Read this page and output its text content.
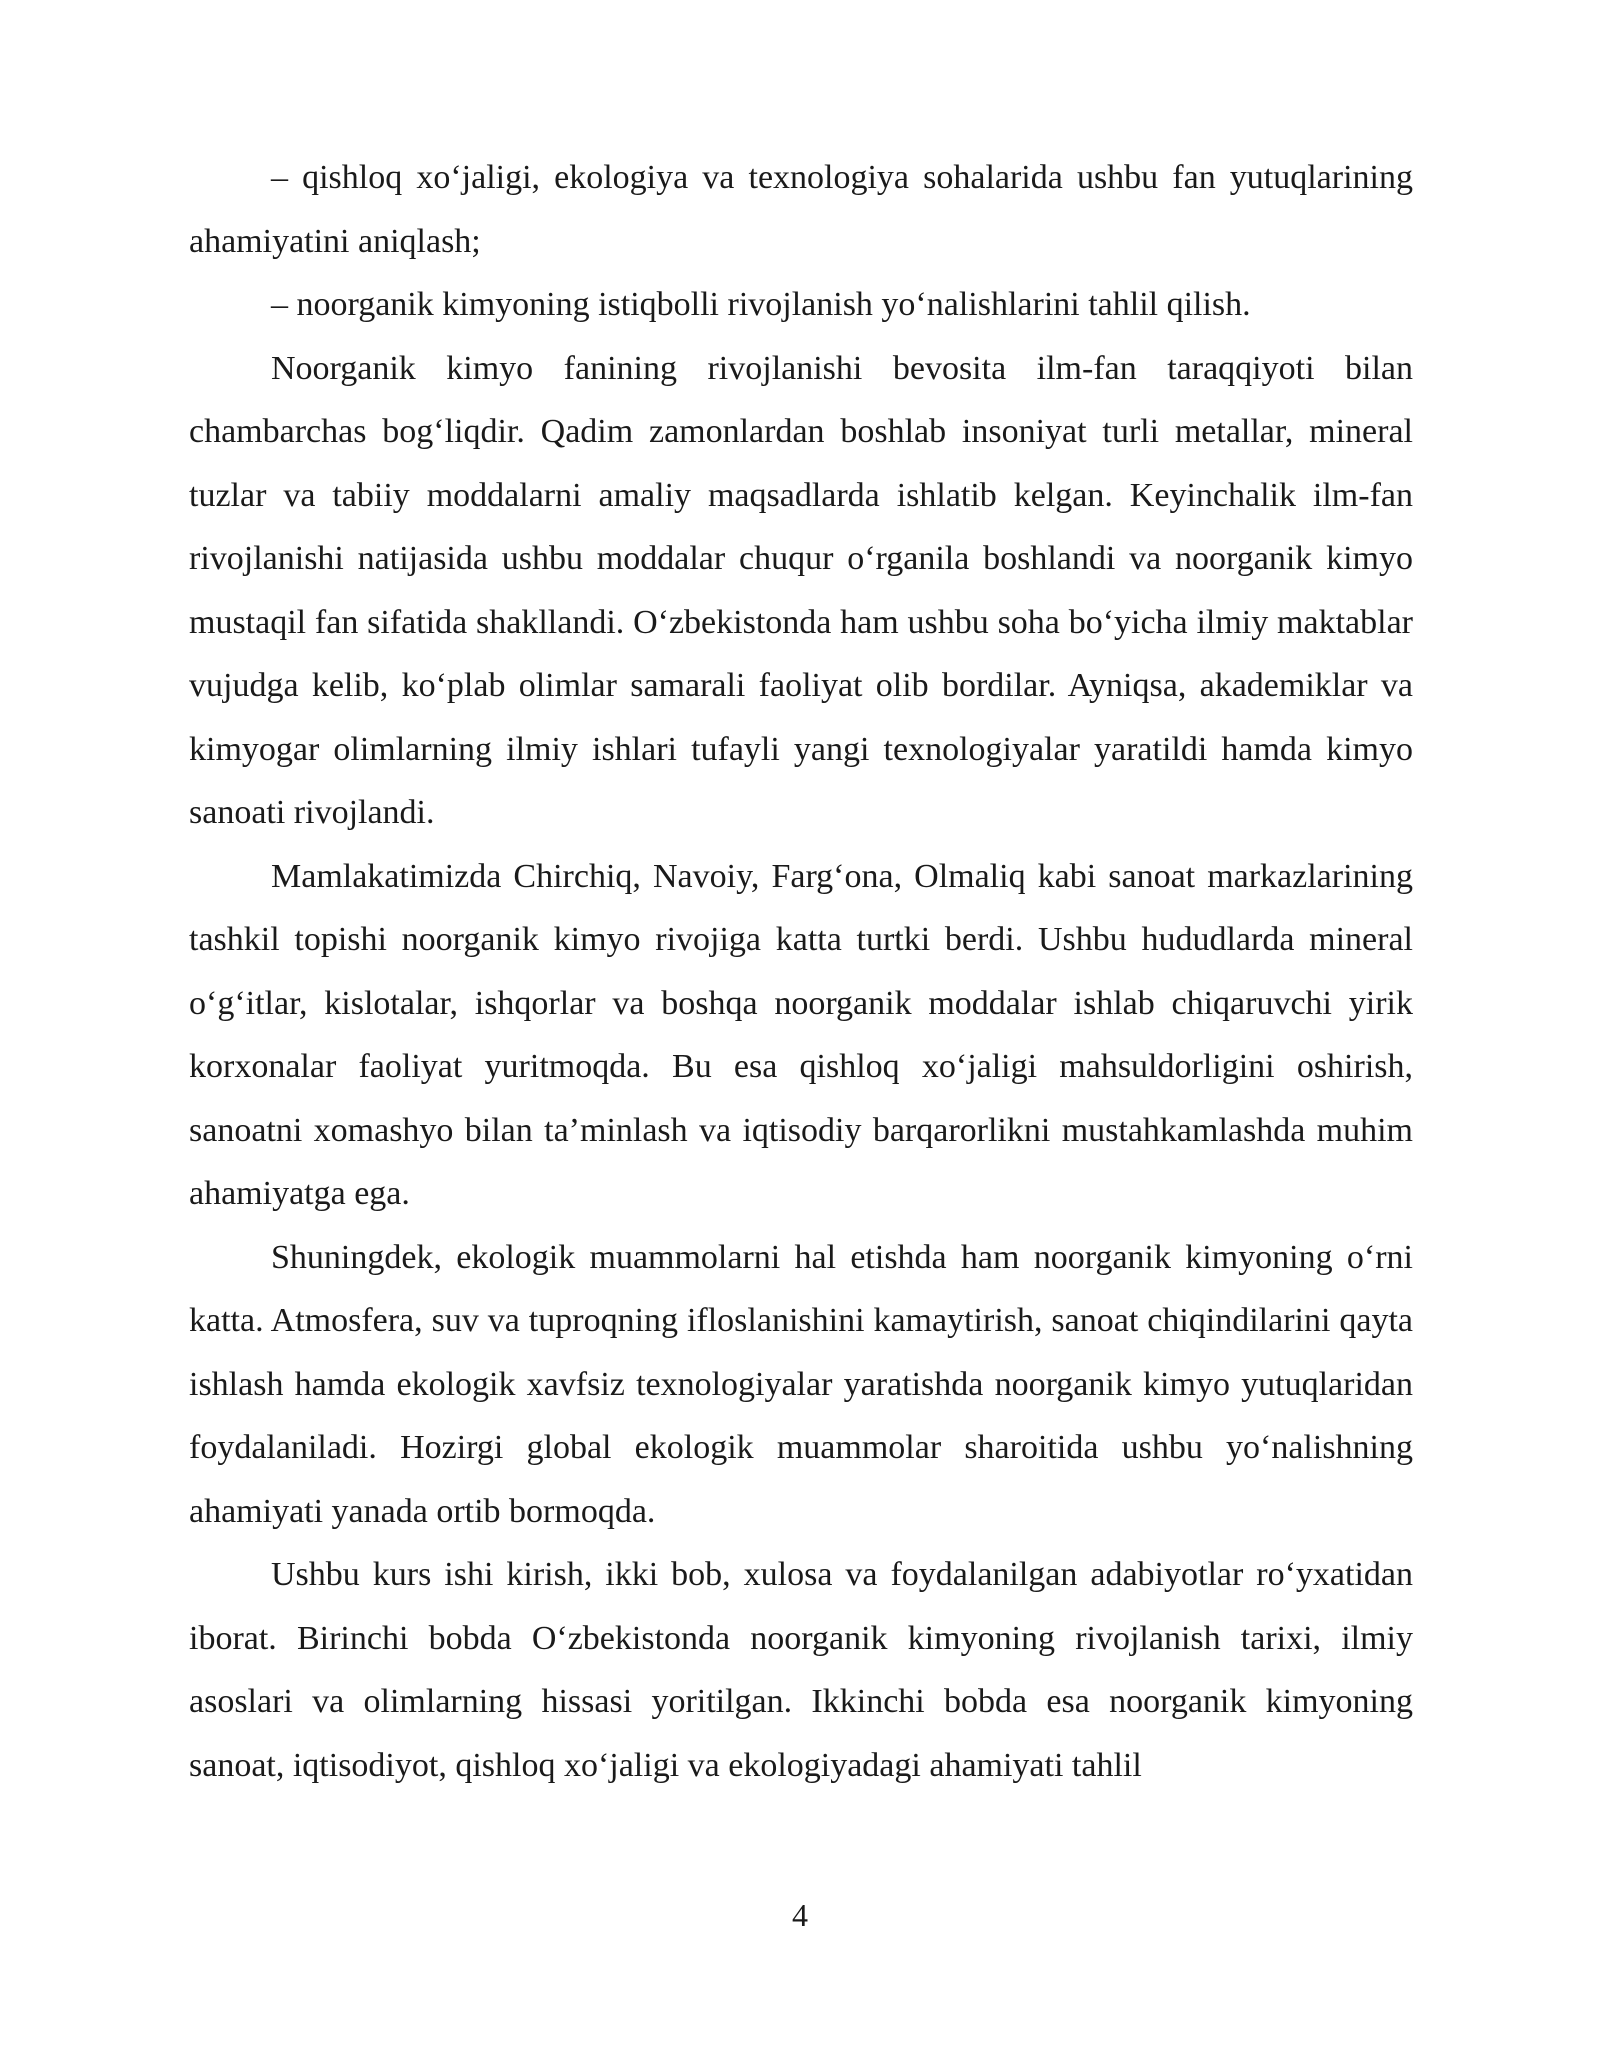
– qishloq xo‘jaligi, ekologiya va texnologiya sohalarida ushbu fan yutuqlarining ahamiyatini aniqlash;

– noorganik kimyoning istiqbolli rivojlanish yo‘nalishlarini tahlil qilish.

Noorganik kimyo fanining rivojlanishi bevosita ilm-fan taraqqiyoti bilan chambarchas bog‘liqdir. Qadim zamonlardan boshlab insoniyat turli metallar, mineral tuzlar va tabiiy moddalarni amaliy maqsadlarda ishlatib kelgan. Keyinchalik ilm-fan rivojlanishi natijasida ushbu moddalar chuqur o‘rganila boshlandi va noorganik kimyo mustaqil fan sifatida shakllandi. O‘zbekistonda ham ushbu soha bo‘yicha ilmiy maktablar vujudga kelib, ko‘plab olimlar samarali faoliyat olib bordilar. Ayniqsa, akademiklar va kimyogar olimlarning ilmiy ishlari tufayli yangi texnologiyalar yaratildi hamda kimyo sanoati rivojlandi.

Mamlakatimizda Chirchiq, Navoiy, Farg‘ona, Olmaliq kabi sanoat markazlarining tashkil topishi noorganik kimyo rivojiga katta turtki berdi. Ushbu hududlarda mineral o‘g‘itlar, kislotalar, ishqorlar va boshqa noorganik moddalar ishlab chiqaruvchi yirik korxonalar faoliyat yuritmoqda. Bu esa qishloq xo‘jaligi mahsuldorligini oshirish, sanoatni xomashyo bilan ta’minlash va iqtisodiy barqarorlikni mustahkamlashda muhim ahamiyatga ega.

Shuningdek, ekologik muammolarni hal etishda ham noorganik kimyoning o‘rni katta. Atmosfera, suv va tuproqning ifloslanishini kamaytirish, sanoat chiqindilarini qayta ishlash hamda ekologik xavfsiz texnologiyalar yaratishda noorganik kimyo yutuqlaridan foydalaniladi. Hozirgi global ekologik muammolar sharoitida ushbu yo‘nalishning ahamiyati yanada ortib bormoqda.

Ushbu kurs ishi kirish, ikki bob, xulosa va foydalanilgan adabiyotlar ro‘yxatidan iborat. Birinchi bobda O‘zbekistonda noorganik kimyoning rivojlanish tarixi, ilmiy asoslari va olimlarning hissasi yoritilgan. Ikkinchi bobda esa noorganik kimyoning sanoat, iqtisodiyot, qishloq xo‘jaligi va ekologiyadagi ahamiyati tahlil

4
